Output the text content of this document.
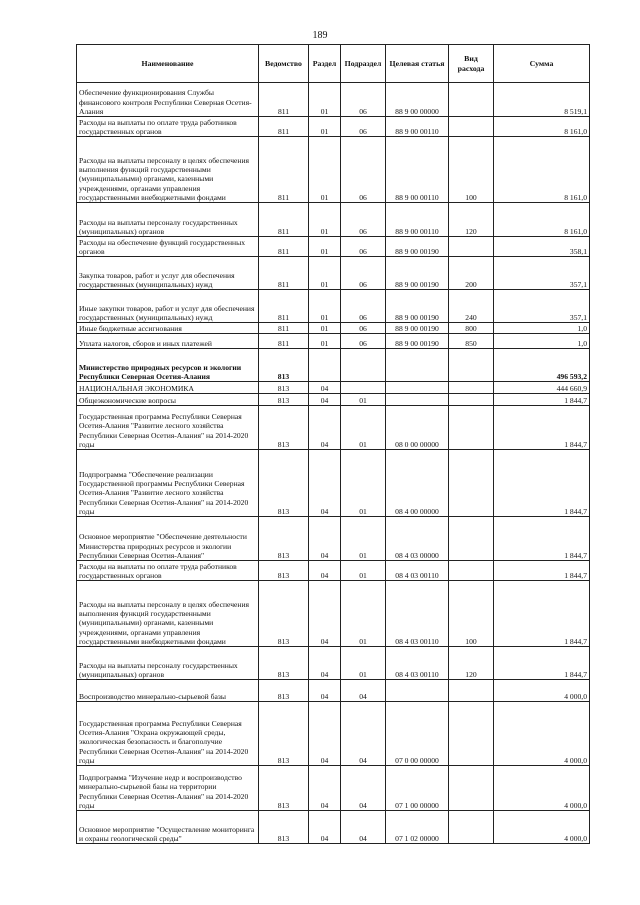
189
Наименование	Ведомство	Раздел	Подраздел	Целевая статья	Вид расхода	Сумма
Обеспечение функционирования Службы финансового контроля Республики Северная Осетия-Алания	811	01	06	88 9 00 00000		8 519,1
Расходы на выплаты по оплате труда работников государственных органов	811	01	06	88 9 00 00110		8 161,0
Расходы на выплаты персоналу в целях обеспечения выполнения функций государственными (муниципальными) органами, казенными учреждениями, органами управления государственными внебюджетными фондами	811	01	06	88 9 00 00110	100	8 161,0
Расходы на выплаты персоналу государственных (муниципальных) органов	811	01	06	88 9 00 00110	120	8 161,0
Расходы на обеспечение функций государственных органов	811	01	06	88 9 00 00190		358,1
Закупка товаров, работ и услуг для обеспечения государственных (муниципальных) нужд	811	01	06	88 9 00 00190	200	357,1
Иные закупки товаров, работ и услуг для обеспечения государственных (муниципальных) нужд	811	01	06	88 9 00 00190	240	357,1
Иные бюджетные ассигнования	811	01	06	88 9 00 00190	800	1,0
Уплата налогов, сборов и иных платежей	811	01	06	88 9 00 00190	850	1,0
Министерство природных ресурсов и экологии Республики Северная Осетия-Алания	813					496 593,2
НАЦИОНАЛЬНАЯ ЭКОНОМИКА	813	04				444 660,9
Общеэкономические вопросы	813	04	01			1 844,7
Государственная программа Республики Северная Осетия-Алания "Развитие лесного хозяйства Республики Северная Осетия-Алания" на 2014-2020 годы	813	04	01	08 0 00 00000		1 844,7
Подпрограмма "Обеспечение реализации Государственной программы Республики Северная Осетия-Алания "Развитие лесного хозяйства Республики Северная Осетия-Алания" на 2014-2020 годы	813	04	01	08 4 00 00000		1 844,7
Основное мероприятие "Обеспечение деятельности Министерства природных ресурсов и экологии Республики Северная Осетия-Алания"	813	04	01	08 4 03 00000		1 844,7
Расходы на выплаты по оплате труда работников государственных органов	813	04	01	08 4 03 00110		1 844,7
Расходы на выплаты персоналу в целях обеспечения выполнения функций государственными (муниципальными) органами, казенными учреждениями, органами управления государственными внебюджетными фондами	813	04	01	08 4 03 00110	100	1 844,7
Расходы на выплаты персоналу государственных (муниципальных) органов	813	04	01	08 4 03 00110	120	1 844,7
Воспроизводство минерально-сырьевой базы	813	04	04			4 000,0
Государственная программа Республики Северная Осетия-Алания "Охрана окружающей среды, экологическая безопасность и благополучие Республики Северная Осетия-Алания" на 2014-2020 годы	813	04	04	07 0 00 00000		4 000,0
Подпрограмма "Изучение недр и воспроизводство минерально-сырьевой базы на территории Республики Северная Осетия-Алания" на 2014-2020 годы	813	04	04	07 1 00 00000		4 000,0
Основное мероприятие "Осуществление мониторинга и охраны геологической среды"	813	04	04	07 1 02 00000		4 000,0
